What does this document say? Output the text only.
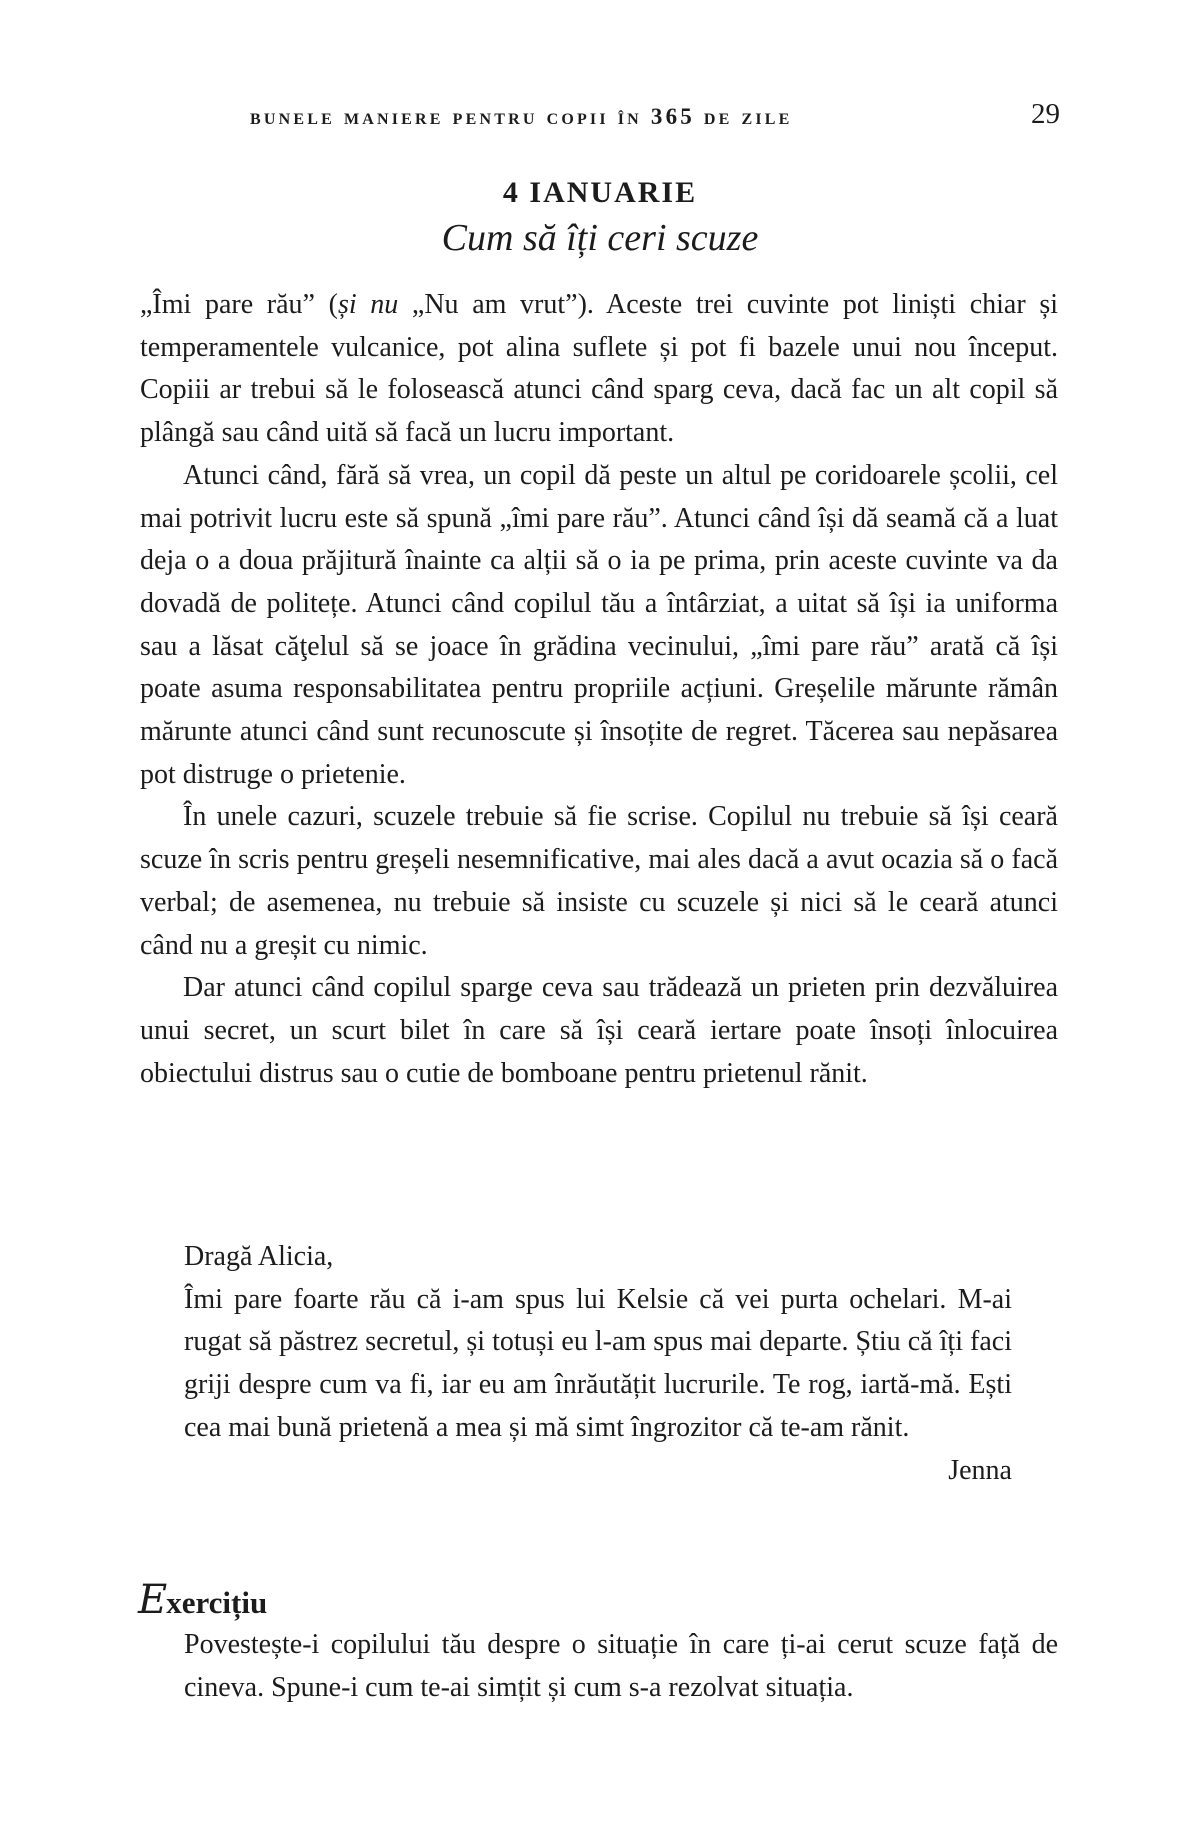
bunele maniere pentru copii în 365 de zile	29
4 IANUARIE
Cum să îți ceri scuze

„Îmi pare rău” (și nu „Nu am vrut”). Aceste trei cuvinte pot liniști chiar și temperamentele vulcanice, pot alina suflete și pot fi bazele unui nou început. Copiii ar trebui să le folosească atunci când sparg ceva, dacă fac un alt copil să plângă sau când uită să facă un lucru important.

Atunci când, fără să vrea, un copil dă peste un altul pe coridoarele școlii, cel mai potrivit lucru este să spună „îmi pare rău”. Atunci când își dă seamă că a luat deja o a doua prăjitură înainte ca alții să o ia pe prima, prin aceste cuvinte va da dovadă de politețe. Atunci când copilul tău a întârziat, a uitat să își ia uniforma sau a lăsat căţelul să se joace în grădina vecinului, „îmi pare rău” arată că își poate asuma responsabilitatea pentru propriile acțiuni. Greșelile mărunte rămân mărunte atunci când sunt recunoscute și însoțite de regret. Tăcerea sau nepăsarea pot distruge o prietenie.

În unele cazuri, scuzele trebuie să fie scrise. Copilul nu trebuie să își ceară scuze în scris pentru greșeli nesemnificative, mai ales dacă a avut ocazia să o facă verbal; de asemenea, nu trebuie să insiste cu scuzele și nici să le ceară atunci când nu a greșit cu nimic.

Dar atunci când copilul sparge ceva sau trădează un prieten prin dezvăluirea unui secret, un scurt bilet în care să își ceară iertare poate însoți înlocuirea obiectului distrus sau o cutie de bomboane pentru prietenul rănit.

Dragă Alicia,

Îmi pare foarte rău că i-am spus lui Kelsie că vei purta ochelari. M-ai rugat să păstrez secretul, și totuși eu l-am spus mai departe. Știu că îți faci griji despre cum va fi, iar eu am înrăutățit lucrurile. Te rog, iartă-mă. Ești cea mai bună prietenă a mea și mă simt îngrozitor că te-am rănit.

Jenna

Exercițiu

Povestește-i copilului tău despre o situație în care ți-ai cerut scuze față de cineva. Spune-i cum te-ai simțit și cum s-a rezolvat situația.
